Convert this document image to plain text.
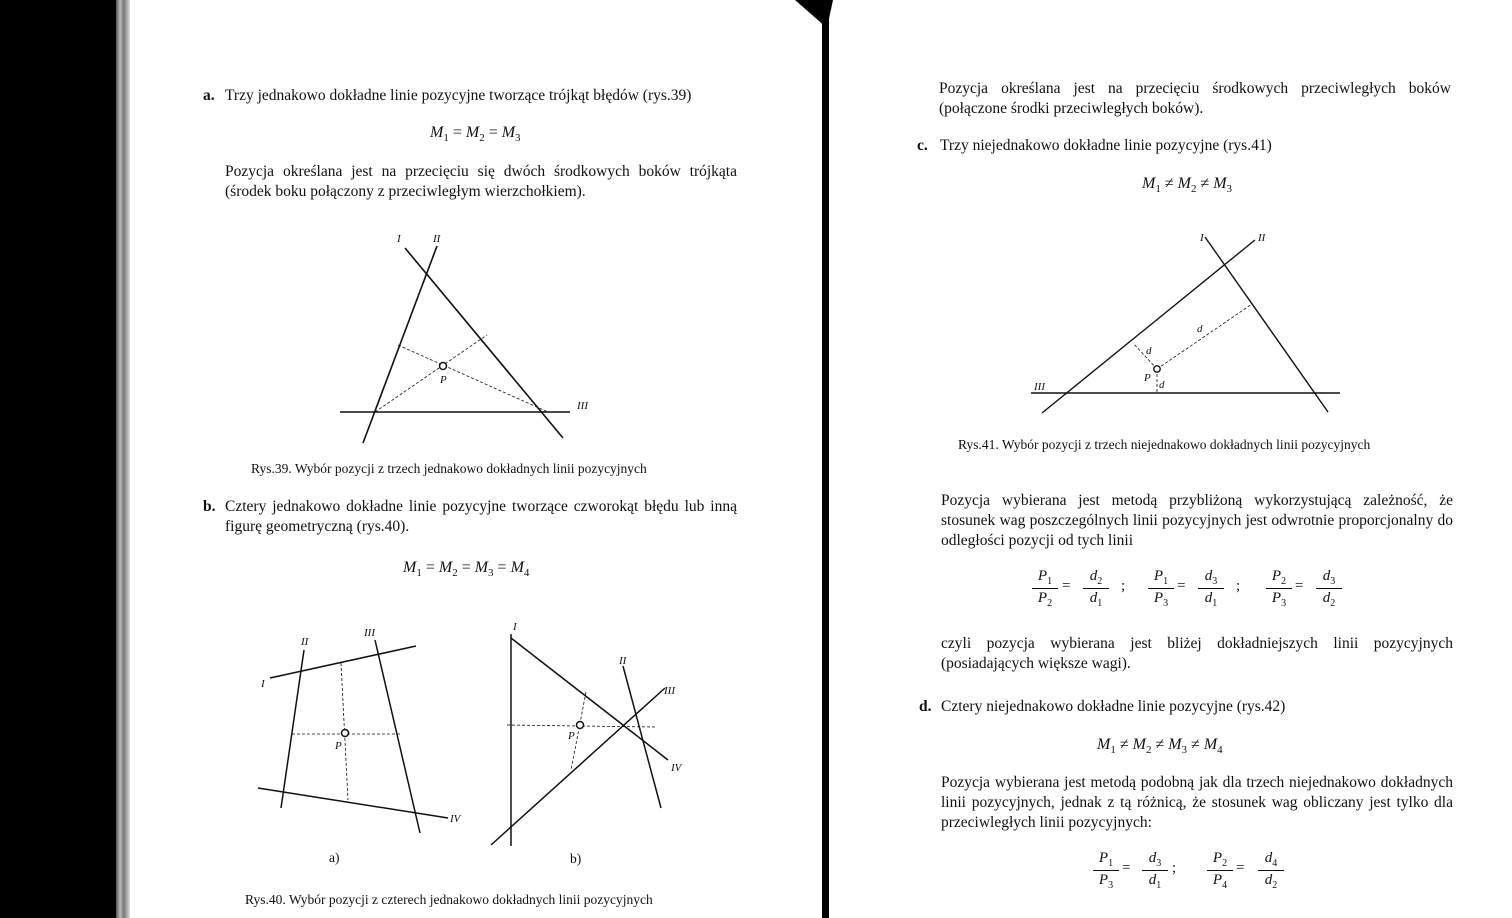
a. Trzy jednakowo dokładne linie pozycyjne tworzące trójkąt błędów (rys.39)
$M_1 = M_2 = M_3$
Pozycja określana jest na przecięciu się dwóch środkowych boków trójkąta (środek boku połączony z przeciwległym wierzchołkiem).
I	II
III
P
II
III
I
IV
P
I
II
III
IV
P
I	II
III
P
d
d
d
Rys.39. Wybór pozycji z trzech jednakowo dokładnych linii pozycyjnych
b. Cztery jednakowo dokładne linie pozycyjne tworzące czworokąt błędu lub inną figurę geometryczną (rys.40).
$M_1 = M_2 = M_3 = M_4$
a)	b)
Rys.40. Wybór pozycji z czterech jednakowo dokładnych linii pozycyjnych
Pozycja określana jest na przecięciu środkowych przeciwległych boków (połączone środki przeciwległych boków).
c. Trzy niejednakowo dokładne linie pozycyjne (rys.41)
$M_1 \ne M_2 \ne M_3$
Rys.41. Wybór pozycji z trzech niejednakowo dokładnych linii pozycyjnych
Pozycja wybierana jest metodą przybliżoną wykorzystującą zależność, że stosunek wag poszczególnych linii pozycyjnych jest odwrotnie proporcjonalny do odległości pozycji od tych linii
$\frac{P_1}{P_2} = \frac{d_2}{d_1}$ ; $\frac{P_1}{P_3} = \frac{d_3}{d_1}$ ; $\frac{P_2}{P_3} = \frac{d_3}{d_2}$
czyli pozycja wybierana jest bliżej dokładniejszych linii pozycyjnych (posiadających większe wagi).
d. Cztery niejednakowo dokładne linie pozycyjne (rys.42)
$M_1 \ne M_2 \ne M_3 \ne M_4$
Pozycja wybierana jest metodą podobną jak dla trzech niejednakowo dokładnych linii pozycyjnych, jednak z tą różnicą, że stosunek wag obliczany jest tylko dla przeciwległych linii pozycyjnych:
$\frac{P_1}{P_3} = \frac{d_3}{d_1}$ ; $\frac{P_2}{P_4} = \frac{d_4}{d_2}$
